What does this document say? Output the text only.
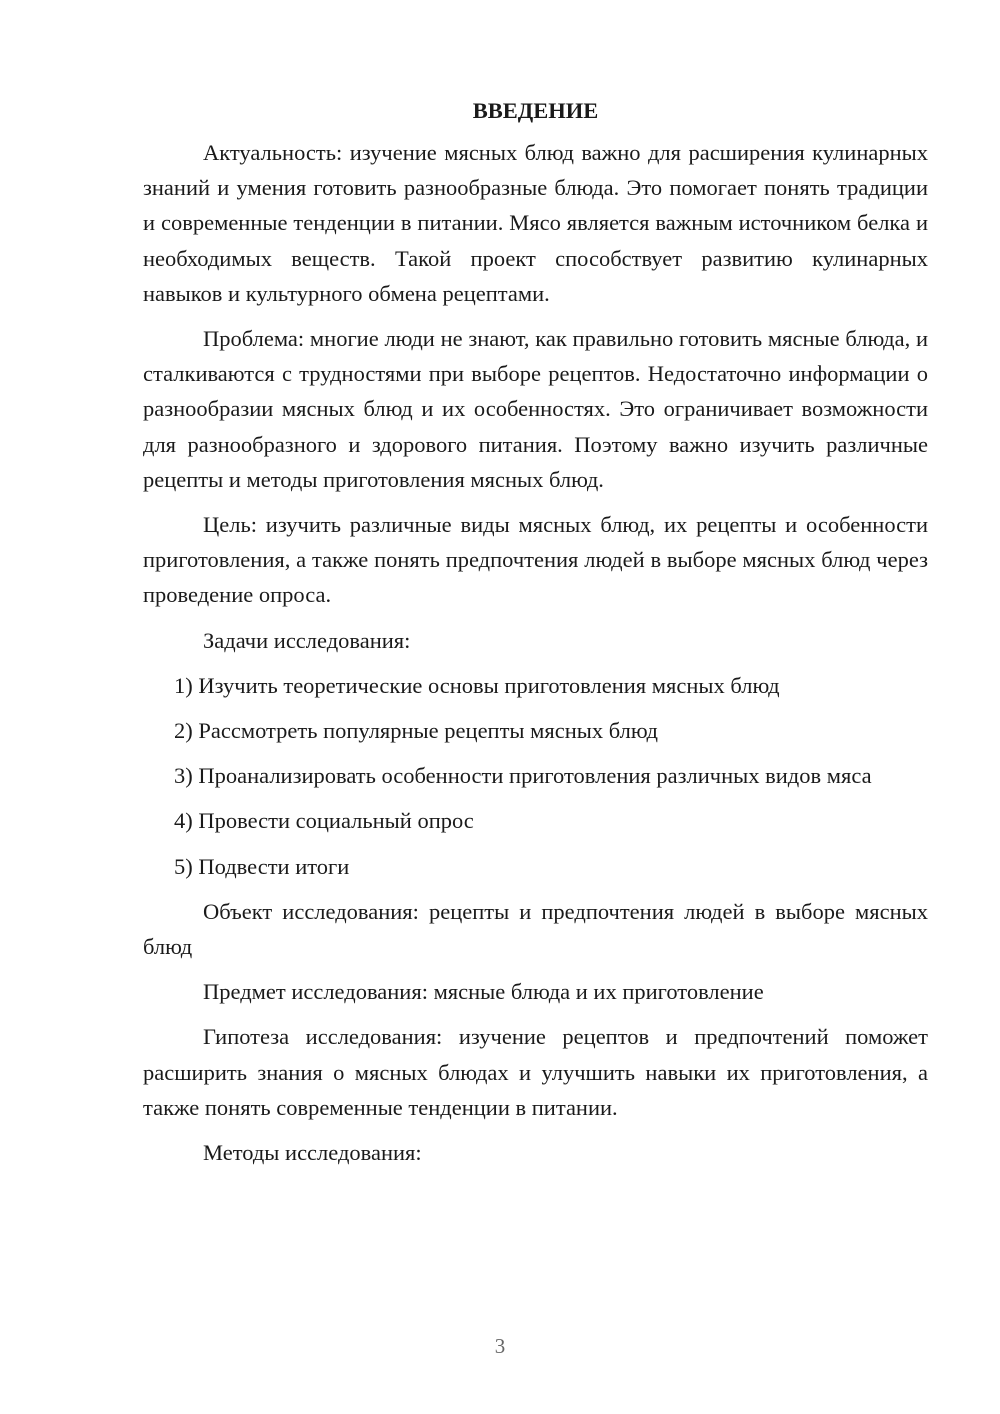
ВВЕДЕНИЕ

Актуальность: изучение мясных блюд важно для расширения кулинарных знаний и умения готовить разнообразные блюда. Это помогает понять традиции и современные тенденции в питании. Мясо является важным источником белка и необходимых веществ. Такой проект способствует развитию кулинарных навыков и культурного обмена рецептами.

Проблема: многие люди не знают, как правильно готовить мясные блюда, и сталкиваются с трудностями при выборе рецептов. Недостаточно информации о разнообразии мясных блюд и их особенностях. Это ограничивает возможности для разнообразного и здорового питания. Поэтому важно изучить различные рецепты и методы приготовления мясных блюд.

Цель: изучить различные виды мясных блюд, их рецепты и особенности приготовления, а также понять предпочтения людей в выборе мясных блюд через проведение опроса.

Задачи исследования:

1) Изучить теоретические основы приготовления мясных блюд

2) Рассмотреть популярные рецепты мясных блюд

3) Проанализировать особенности приготовления различных видов мяса

4) Провести социальный опрос

5) Подвести итоги

Объект исследования: рецепты и предпочтения людей в выборе мясных блюд

Предмет исследования: мясные блюда и их приготовление

Гипотеза исследования: изучение рецептов и предпочтений поможет расширить знания о мясных блюдах и улучшить навыки их приготовления, а также понять современные тенденции в питании.

Методы исследования:

3
